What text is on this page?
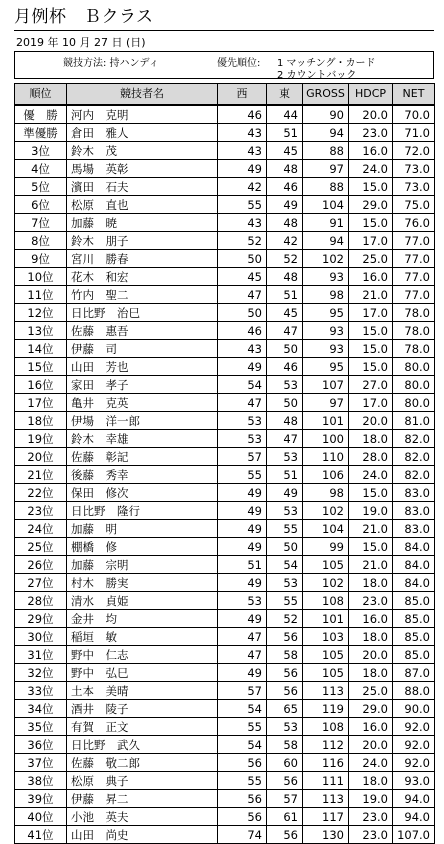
月例杯　Ｂクラス
2019 年 10 月 27 日 (日)
競技方法: 持ハンディ	優先順位: 1 マッチング・カード
2 カウントバック
順位	競技者名	西	東	GROSS	HDCP	NET
優　勝	河内　克明	46	44	90	20.0	70.0
準優勝	倉田　雅人	43	51	94	23.0	71.0
3位	鈴木　茂	43	45	88	16.0	72.0
4位	馬場　英彰	49	48	97	24.0	73.0
5位	濱田　石夫	42	46	88	15.0	73.0
6位	松原　直也	55	49	104	29.0	75.0
7位	加藤　暁	43	48	91	15.0	76.0
8位	鈴木　朋子	52	42	94	17.0	77.0
9位	宮川　勝春	50	52	102	25.0	77.0
10位	花木　和宏	45	48	93	16.0	77.0
11位	竹内　聖二	47	51	98	21.0	77.0
12位	日比野　治巳	50	45	95	17.0	78.0
13位	佐藤　惠吾	46	47	93	15.0	78.0
14位	伊藤　司	43	50	93	15.0	78.0
15位	山田　芳也	49	46	95	15.0	80.0
16位	家田　孝子	54	53	107	27.0	80.0
17位	亀井　克英	47	50	97	17.0	80.0
18位	伊場　洋一郎	53	48	101	20.0	81.0
19位	鈴木　幸雄	53	47	100	18.0	82.0
20位	佐藤　彰記	57	53	110	28.0	82.0
21位	後藤　秀幸	55	51	106	24.0	82.0
22位	保田　修次	49	49	98	15.0	83.0
23位	日比野　隆行	49	53	102	19.0	83.0
24位	加藤　明	49	55	104	21.0	83.0
25位	棚橋　修	49	50	99	15.0	84.0
26位	加藤　宗明	51	54	105	21.0	84.0
27位	村木　勝実	49	53	102	18.0	84.0
28位	清水　貞姫	53	55	108	23.0	85.0
29位	金井　均	49	52	101	16.0	85.0
30位	稲垣　敏	47	56	103	18.0	85.0
31位	野中　仁志	47	58	105	20.0	85.0
32位	野中　弘巳	49	56	105	18.0	87.0
33位	土本　美晴	57	56	113	25.0	88.0
34位	酒井　陵子	54	65	119	29.0	90.0
35位	有賀　正文	55	53	108	16.0	92.0
36位	日比野　武久	54	58	112	20.0	92.0
37位	佐藤　敬二郎	56	60	116	24.0	92.0
38位	松原　典子	55	56	111	18.0	93.0
39位	伊藤　昇二	56	57	113	19.0	94.0
40位	小池　英夫	56	61	117	23.0	94.0
41位	山田　尚史	74	56	130	23.0	107.0
